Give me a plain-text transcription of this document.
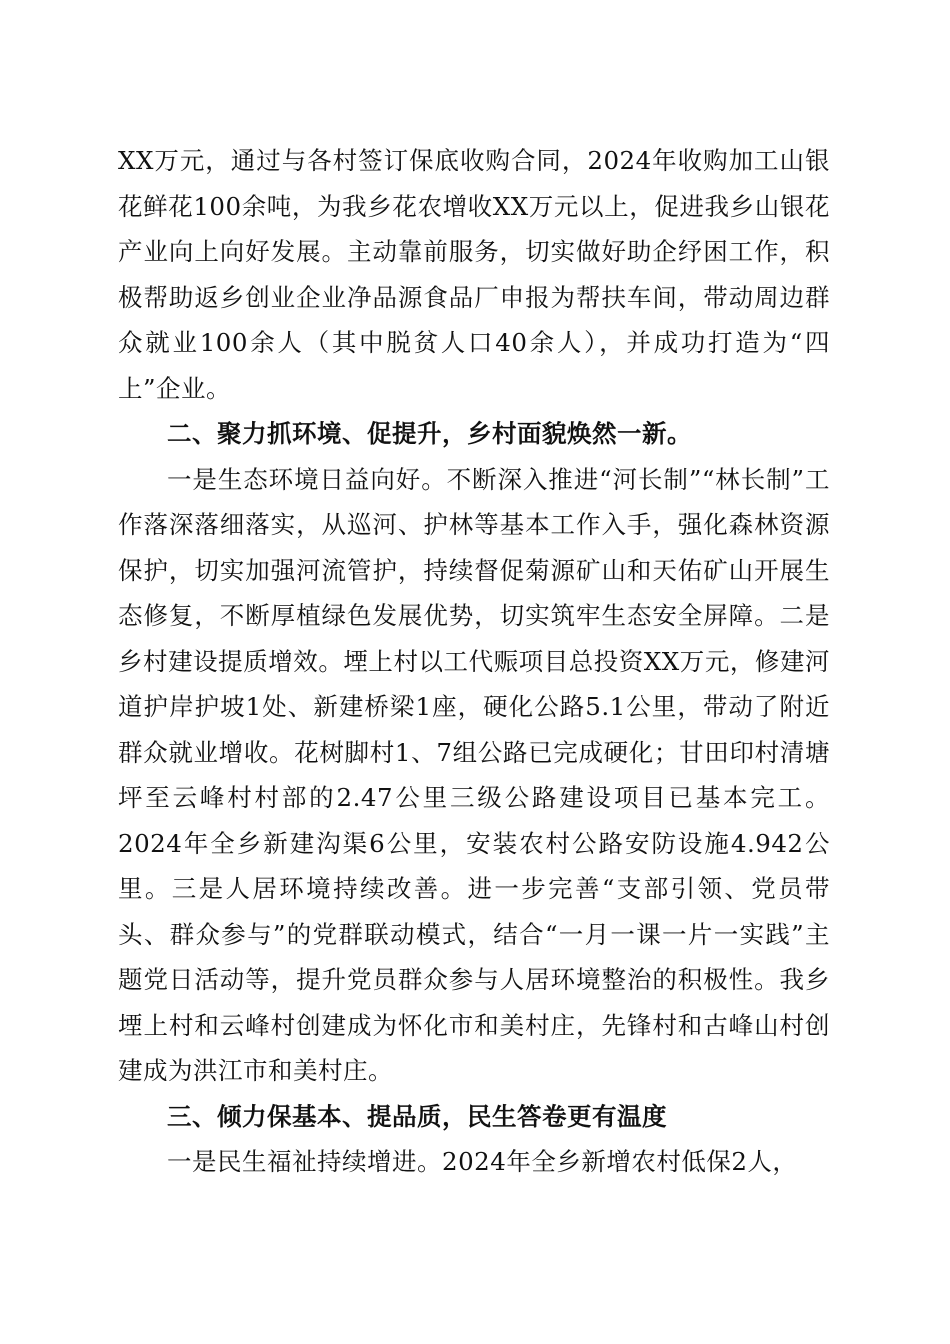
XX万元，通过与各村签订保底收购合同，2024年收购加工山银花鲜花100余吨，为我乡花农增收XX万元以上，促进我乡山银花产业向上向好发展。主动靠前服务，切实做好助企纾困工作，积极帮助返乡创业企业净品源食品厂申报为帮扶车间，带动周边群众就业100余人（其中脱贫人口40余人），并成功打造为“四上”企业。

二、聚力抓环境、促提升，乡村面貌焕然一新。

一是生态环境日益向好。不断深入推进“河长制”“林长制”工作落深落细落实，从巡河、护林等基本工作入手，强化森林资源保护，切实加强河流管护，持续督促菊源矿山和天佑矿山开展生态修复，不断厚植绿色发展优势，切实筑牢生态安全屏障。二是乡村建设提质增效。堙上村以工代赈项目总投资XX万元，修建河道护岸护坡1处、新建桥梁1座，硬化公路5.1公里，带动了附近群众就业增收。花树脚村1、7组公路已完成硬化；甘田印村清塘坪至云峰村村部的2.47公里三级公路建设项目已基本完工。2024年全乡新建沟渠6公里，安装农村公路安防设施4.942公里。三是人居环境持续改善。进一步完善“支部引领、党员带头、群众参与”的党群联动模式，结合“一月一课一片一实践”主题党日活动等，提升党员群众参与人居环境整治的积极性。我乡堙上村和云峰村创建成为怀化市和美村庄，先锋村和古峰山村创建成为洪江市和美村庄。

三、倾力保基本、提品质，民生答卷更有温度

一是民生福祉持续增进。2024年全乡新增农村低保2人，
